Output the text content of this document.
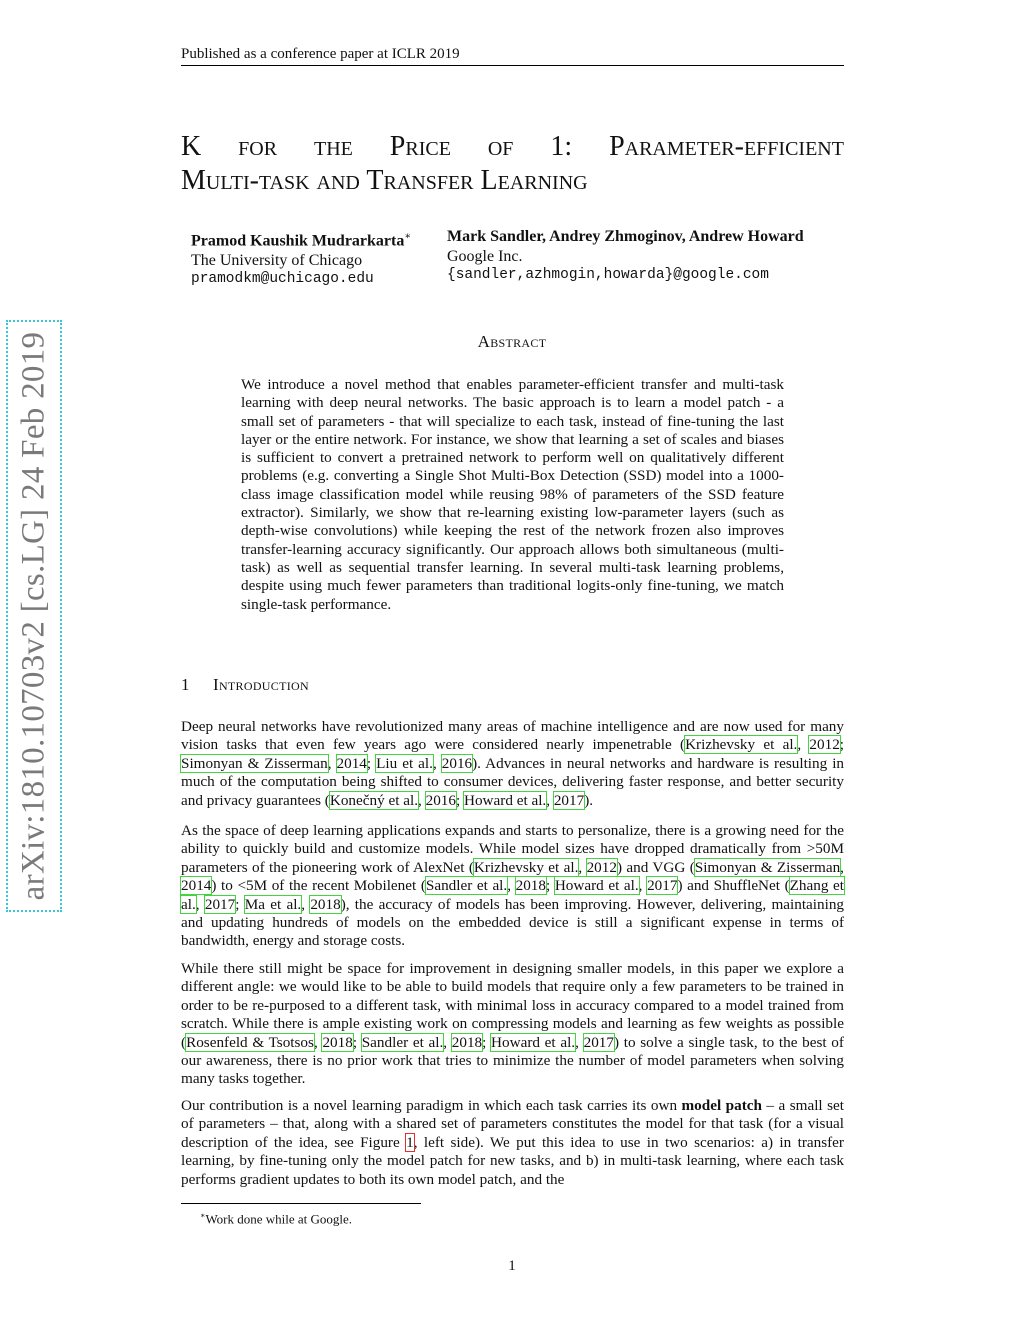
Published as a conference paper at ICLR 2019
arXiv:1810.10703v2 [cs.LG] 24 Feb 2019
K for the Price of 1: Parameter-efficient
Multi-task and Transfer Learning
Pramod Kaushik Mudrarkarta∗
The University of Chicago
pramodkm@uchicago.edu
Mark Sandler, Andrey Zhmoginov, Andrew Howard
Google Inc.
{sandler,azhmogin,howarda}@google.com
Abstract
We introduce a novel method that enables parameter-efficient transfer and multi-task learning with deep neural networks. The basic approach is to learn a model patch - a small set of parameters - that will specialize to each task, instead of fine-tuning the last layer or the entire network. For instance, we show that learning a set of scales and biases is sufficient to convert a pretrained network to perform well on qualitatively different problems (e.g. converting a Single Shot Multi-Box Detection (SSD) model into a 1000-class image classification model while reusing 98% of parameters of the SSD feature extractor). Similarly, we show that re-learning existing low-parameter layers (such as depth-wise convolutions) while keeping the rest of the network frozen also improves transfer-learning accuracy significantly. Our approach allows both simultaneous (multi-task) as well as sequential transfer learning. In several multi-task learning problems, despite using much fewer parameters than traditional logits-only fine-tuning, we match single-task performance.
1 Introduction
Deep neural networks have revolutionized many areas of machine intelligence and are now used for many vision tasks that even few years ago were considered nearly impenetrable (Krizhevsky et al., 2012; Simonyan & Zisserman, 2014; Liu et al., 2016). Advances in neural networks and hardware is resulting in much of the computation being shifted to consumer devices, delivering faster response, and better security and privacy guarantees (Konečný et al., 2016; Howard et al., 2017).
As the space of deep learning applications expands and starts to personalize, there is a growing need for the ability to quickly build and customize models. While model sizes have dropped dramatically from >50M parameters of the pioneering work of AlexNet (Krizhevsky et al., 2012) and VGG (Simonyan & Zisserman, 2014) to <5M of the recent Mobilenet (Sandler et al., 2018; Howard et al., 2017) and ShuffleNet (Zhang et al., 2017; Ma et al., 2018), the accuracy of models has been improving. However, delivering, maintaining and updating hundreds of models on the embedded device is still a significant expense in terms of bandwidth, energy and storage costs.
While there still might be space for improvement in designing smaller models, in this paper we explore a different angle: we would like to be able to build models that require only a few parameters to be trained in order to be re-purposed to a different task, with minimal loss in accuracy compared to a model trained from scratch. While there is ample existing work on compressing models and learning as few weights as possible (Rosenfeld & Tsotsos, 2018; Sandler et al., 2018; Howard et al., 2017) to solve a single task, to the best of our awareness, there is no prior work that tries to minimize the number of model parameters when solving many tasks together.
Our contribution is a novel learning paradigm in which each task carries its own model patch – a small set of parameters – that, along with a shared set of parameters constitutes the model for that task (for a visual description of the idea, see Figure 1, left side). We put this idea to use in two scenarios: a) in transfer learning, by fine-tuning only the model patch for new tasks, and b) in multi-task learning, where each task performs gradient updates to both its own model patch, and the
∗Work done while at Google.
1
